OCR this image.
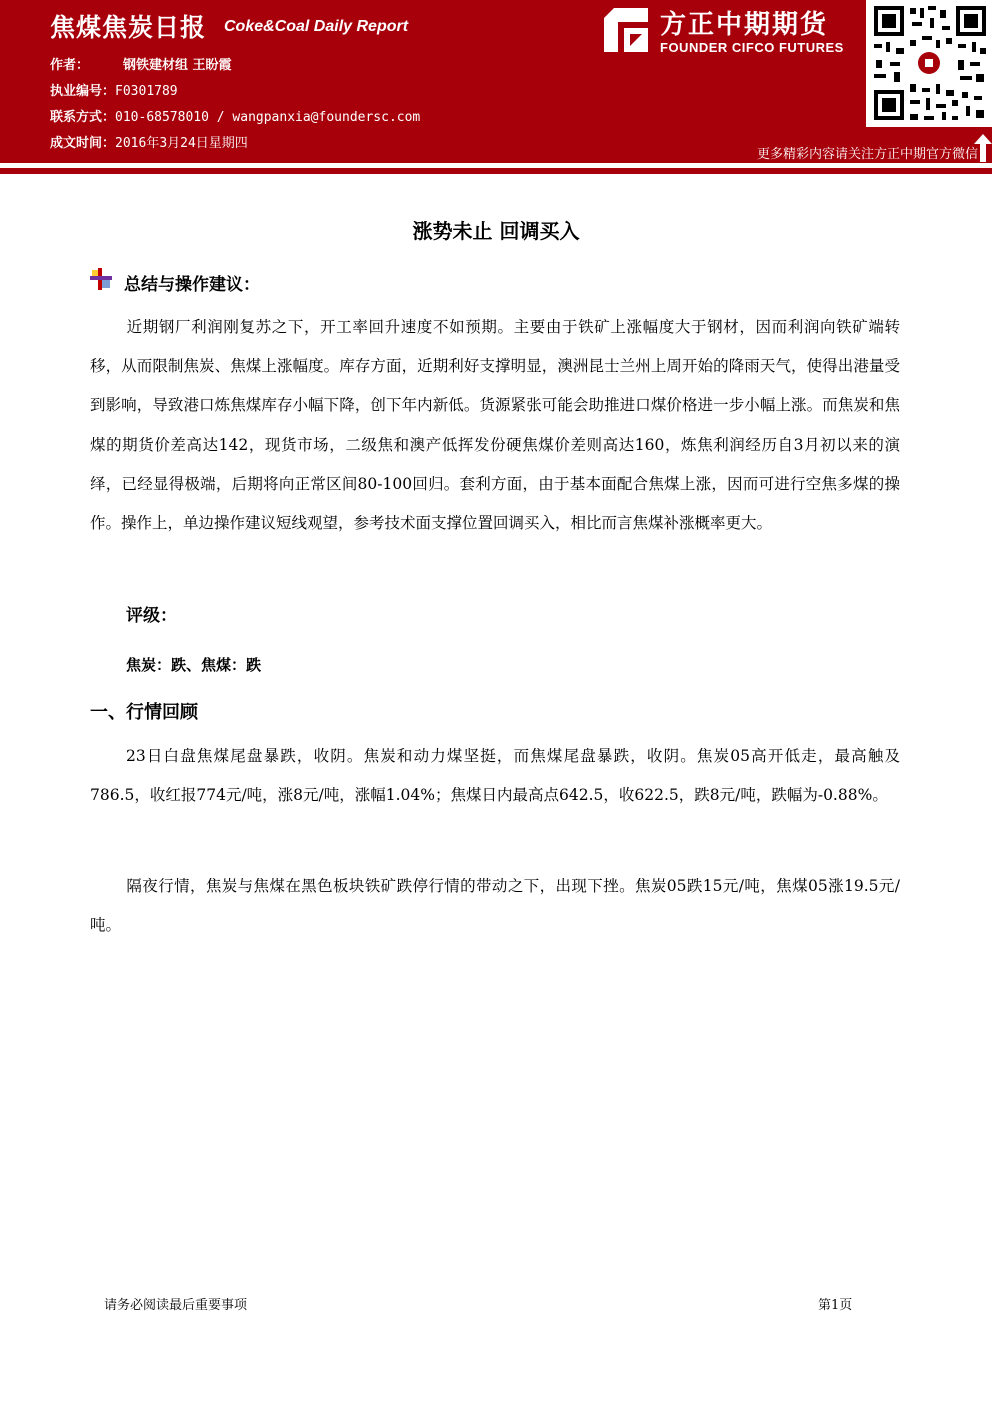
焦煤焦炭日报 Coke&Coal Daily Report
作者：	钢铁建材组 王盼霞
执业编号：F0301789
联系方式：010-68578010 / wangpanxia@foundersc.com
成文时间：2016年3月24日星期四
方正中期期货
FOUNDER CIFCO FUTURES
更多精彩内容请关注方正中期官方微信
涨势未止 回调买入
总结与操作建议：
近期钢厂利润刚复苏之下，开工率回升速度不如预期。主要由于铁矿上涨幅度大于钢材，因而利润向铁矿端转移，从而限制焦炭、焦煤上涨幅度。库存方面，近期利好支撑明显，澳洲昆士兰州上周开始的降雨天气，使得出港量受到影响，导致港口炼焦煤库存小幅下降，创下年内新低。货源紧张可能会助推进口煤价格进一步小幅上涨。而焦炭和焦煤的期货价差高达142，现货市场，二级焦和澳产低挥发份硬焦煤价差则高达160，炼焦利润经历自3月初以来的演绎，已经显得极端，后期将向正常区间80-100回归。套利方面，由于基本面配合焦煤上涨，因而可进行空焦多煤的操作。操作上，单边操作建议短线观望，参考技术面支撑位置回调买入，相比而言焦煤补涨概率更大。
评级：
焦炭：跌、焦煤：跌
一、行情回顾
23日白盘焦煤尾盘暴跌，收阴。焦炭和动力煤坚挺，而焦煤尾盘暴跌，收阴。焦炭05高开低走，最高触及786.5，收红报774元/吨，涨8元/吨，涨幅1.04%；焦煤日内最高点642.5，收622.5，跌8元/吨，跌幅为-0.88%。
隔夜行情，焦炭与焦煤在黑色板块铁矿跌停行情的带动之下，出现下挫。焦炭05跌15元/吨，焦煤05涨19.5元/吨。
请务必阅读最后重要事项	第1页
